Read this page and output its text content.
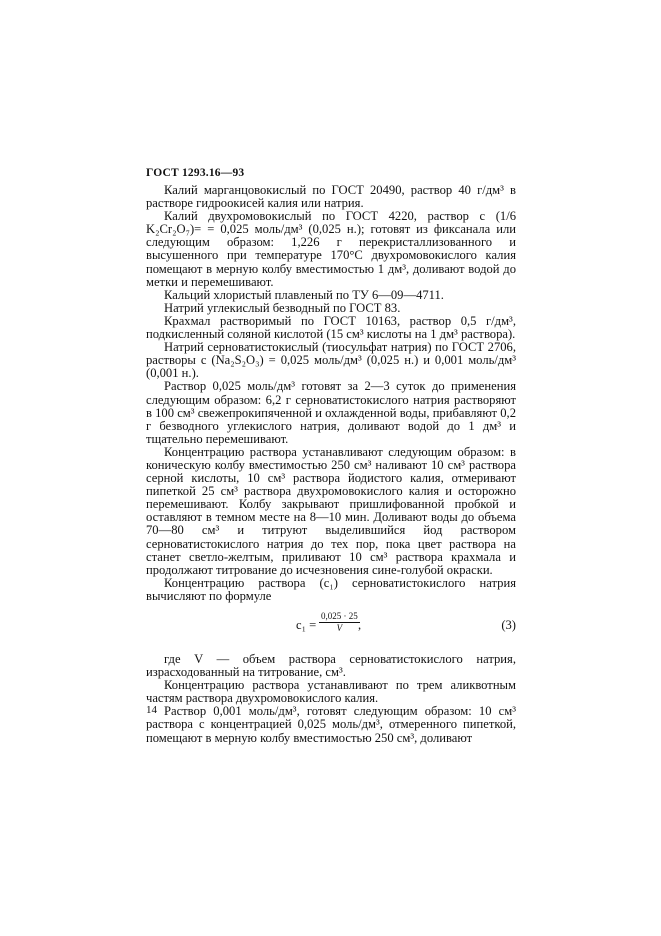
ГОСТ 1293.16—93

Калий марганцовокислый по ГОСТ 20490, раствор 40 г/дм³ в растворе гидроокисей калия или натрия.

Калий двухромовокислый по ГОСТ 4220, раствор c (1/6 K₂Cr₂O₇)= = 0,025 моль/дм³ (0,025 н.); готовят из фиксанала или следующим образом: 1,226 г перекристаллизованного и высушенного при температуре 170°С двухромовокислого калия помещают в мерную колбу вместимостью 1 дм³, доливают водой до метки и перемешивают.

Кальций хлористый плавленый по ТУ 6—09—4711.

Натрий углекислый безводный по ГОСТ 83.

Крахмал растворимый по ГОСТ 10163, раствор 0,5 г/дм³, подкисленный соляной кислотой (15 см³ кислоты на 1 дм³ раствора).

Натрий серноватистокислый (тиосульфат натрия) по ГОСТ 2706, растворы c (Na₂S₂O₃) = 0,025 моль/дм³ (0,025 н.) и 0,001 моль/дм³ (0,001 н.).

Раствор 0,025 моль/дм³ готовят за 2—3 суток до применения следующим образом: 6,2 г серноватистокислого натрия растворяют в 100 см³ свежепрокипяченной и охлажденной воды, прибавляют 0,2 г безводного углекислого натрия, доливают водой до 1 дм³ и тщательно перемешивают.

Концентрацию раствора устанавливают следующим образом: в коническую колбу вместимостью 250 см³ наливают 10 см³ раствора серной кислоты, 10 см³ раствора йодистого калия, отмеривают пипеткой 25 см³ раствора двухромовокислого калия и осторожно перемешивают. Колбу закрывают пришлифованной пробкой и оставляют в темном месте на 8—10 мин. Доливают воды до объема 70—80 см³ и титруют выделившийся йод раствором серноватистокислого натрия до тех пор, пока цвет раствора на станет светло-желтым, приливают 10 см³ раствора крахмала и продолжают титрование до исчезновения сине-голубой окраски.

Концентрацию раствора (c₁) серноватистокислого натрия вычисляют по формуле

$c_1 = \frac{0,025 \cdot 25}{V}$
,	(3)

где V — объем раствора серноватистокислого натрия, израсходованный на титрование, см³.

Концентрацию раствора устанавливают по трем аликвотным частям раствора двухромовокислого калия.

Раствор 0,001 моль/дм³, готовят следующим образом: 10 см³ раствора с концентрацией 0,025 моль/дм³, отмеренного пипеткой, помещают в мерную колбу вместимостью 250 см³, доливают

14
